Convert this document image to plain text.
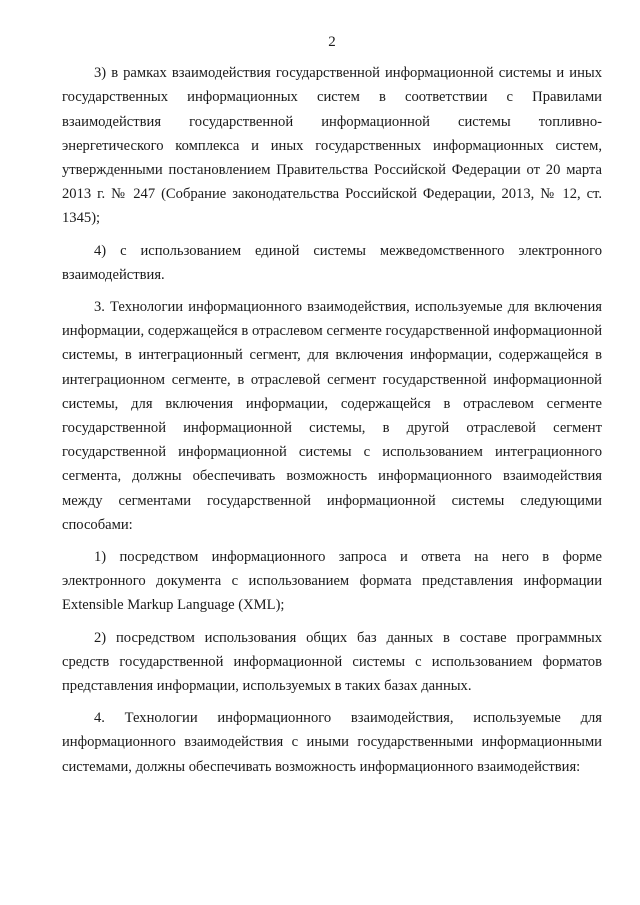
2

3) в рамках взаимодействия государственной информационной системы и иных государственных информационных систем в соответствии с Правилами взаимодействия государственной информационной системы топливно-энергетического комплекса и иных государственных информационных систем, утвержденными постановлением Правительства Российской Федерации от 20 марта 2013 г. № 247 (Собрание законодательства Российской Федерации, 2013, № 12, ст. 1345);

4) с использованием единой системы межведомственного электронного взаимодействия.

3. Технологии информационного взаимодействия, используемые для включения информации, содержащейся в отраслевом сегменте государственной информационной системы, в интеграционный сегмент, для включения информации, содержащейся в интеграционном сегменте, в отраслевой сегмент государственной информационной системы, для включения информации, содержащейся в отраслевом сегменте государственной информационной системы, в другой отраслевой сегмент государственной информационной системы с использованием интеграционного сегмента, должны обеспечивать возможность информационного взаимодействия между сегментами государственной информационной системы следующими способами:

1) посредством информационного запроса и ответа на него в форме электронного документа с использованием формата представления информации Extensible Markup Language (XML);

2) посредством использования общих баз данных в составе программных средств государственной информационной системы с использованием форматов представления информации, используемых в таких базах данных.

4. Технологии информационного взаимодействия, используемые для информационного взаимодействия с иными государственными информационными системами, должны обеспечивать возможность информационного взаимодействия:
